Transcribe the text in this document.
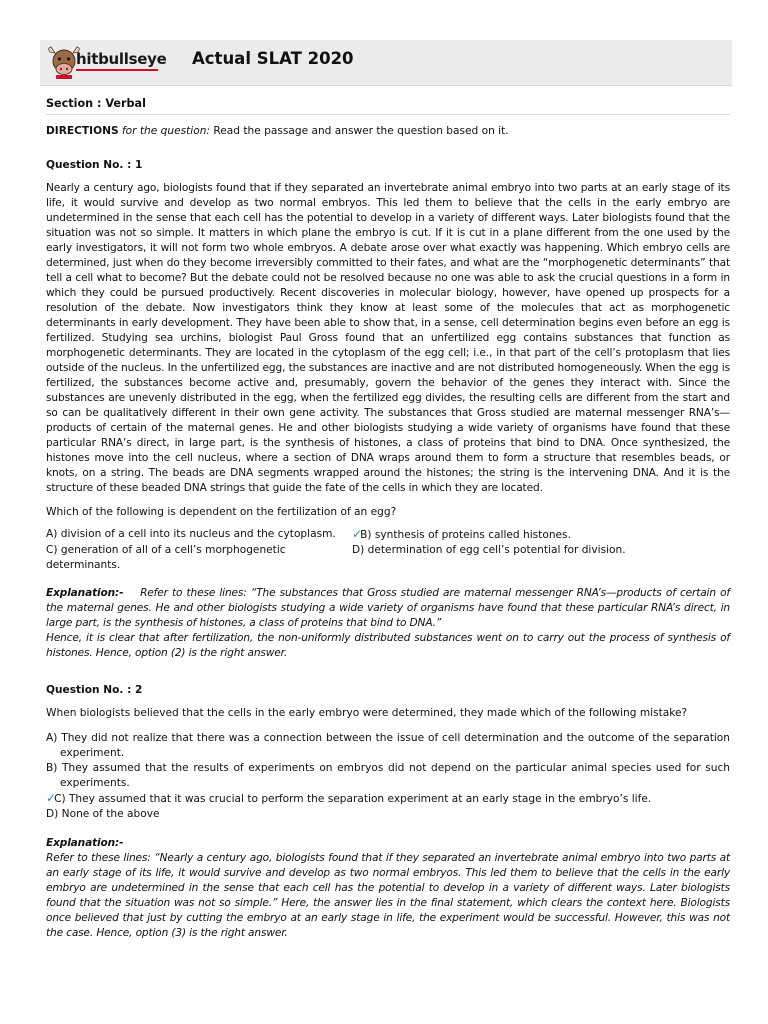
hitbullseye Actual SLAT 2020
Section : Verbal
DIRECTIONS for the question: Read the passage and answer the question based on it.
Question No. : 1
Nearly a century ago, biologists found that if they separated an invertebrate animal embryo into two parts at an early stage of its life, it would survive and develop as two normal embryos. This led them to believe that the cells in the early embryo are undetermined in the sense that each cell has the potential to develop in a variety of different ways. Later biologists found that the situation was not so simple. It matters in which plane the embryo is cut. If it is cut in a plane different from the one used by the early investigators, it will not form two whole embryos. A debate arose over what exactly was happening. Which embryo cells are determined, just when do they become irreversibly committed to their fates, and what are the “morphogenetic determinants” that tell a cell what to become? But the debate could not be resolved because no one was able to ask the crucial questions in a form in which they could be pursued productively. Recent discoveries in molecular biology, however, have opened up prospects for a resolution of the debate. Now investigators think they know at least some of the molecules that act as morphogenetic determinants in early development. They have been able to show that, in a sense, cell determination begins even before an egg is fertilized. Studying sea urchins, biologist Paul Gross found that an unfertilized egg contains substances that function as morphogenetic determinants. They are located in the cytoplasm of the egg cell; i.e., in that part of the cell’s protoplasm that lies outside of the nucleus. In the unfertilized egg, the substances are inactive and are not distributed homogeneously. When the egg is fertilized, the substances become active and, presumably, govern the behavior of the genes they interact with. Since the substances are unevenly distributed in the egg, when the fertilized egg divides, the resulting cells are different from the start and so can be qualitatively different in their own gene activity. The substances that Gross studied are maternal messenger RNA’s—products of certain of the maternal genes. He and other biologists studying a wide variety of organisms have found that these particular RNA’s direct, in large part, is the synthesis of histones, a class of proteins that bind to DNA. Once synthesized, the histones move into the cell nucleus, where a section of DNA wraps around them to form a structure that resembles beads, or knots, on a string. The beads are DNA segments wrapped around the histones; the string is the intervening DNA. And it is the structure of these beaded DNA strings that guide the fate of the cells in which they are located.
Which of the following is dependent on the fertilization of an egg?
A) division of a cell into its nucleus and the cytoplasm.	✓B) synthesis of proteins called histones.
C) generation of all of a cell’s morphogenetic determinants.
D) determination of egg cell’s potential for division.
Explanation:- Refer to these lines: “The substances that Gross studied are maternal messenger RNA’s—products of certain of the maternal genes. He and other biologists studying a wide variety of organisms have found that these particular RNA’s direct, in large part, is the synthesis of histones, a class of proteins that bind to DNA.”
Hence, it is clear that after fertilization, the non-uniformly distributed substances went on to carry out the process of synthesis of histones. Hence, option (2) is the right answer.
Question No. : 2
When biologists believed that the cells in the early embryo were determined, they made which of the following mistake?
A) They did not realize that there was a connection between the issue of cell determination and the outcome of the separation experiment.
B) They assumed that the results of experiments on embryos did not depend on the particular animal species used for such experiments.
✓C) They assumed that it was crucial to perform the separation experiment at an early stage in the embryo’s life.
D) None of the above
Explanation:-
Refer to these lines: “Nearly a century ago, biologists found that if they separated an invertebrate animal embryo into two parts at an early stage of its life, it would survive and develop as two normal embryos. This led them to believe that the cells in the early embryo are undetermined in the sense that each cell has the potential to develop in a variety of different ways. Later biologists found that the situation was not so simple.” Here, the answer lies in the final statement, which clears the context here. Biologists once believed that just by cutting the embryo at an early stage in life, the experiment would be successful. However, this was not the case. Hence, option (3) is the right answer.
